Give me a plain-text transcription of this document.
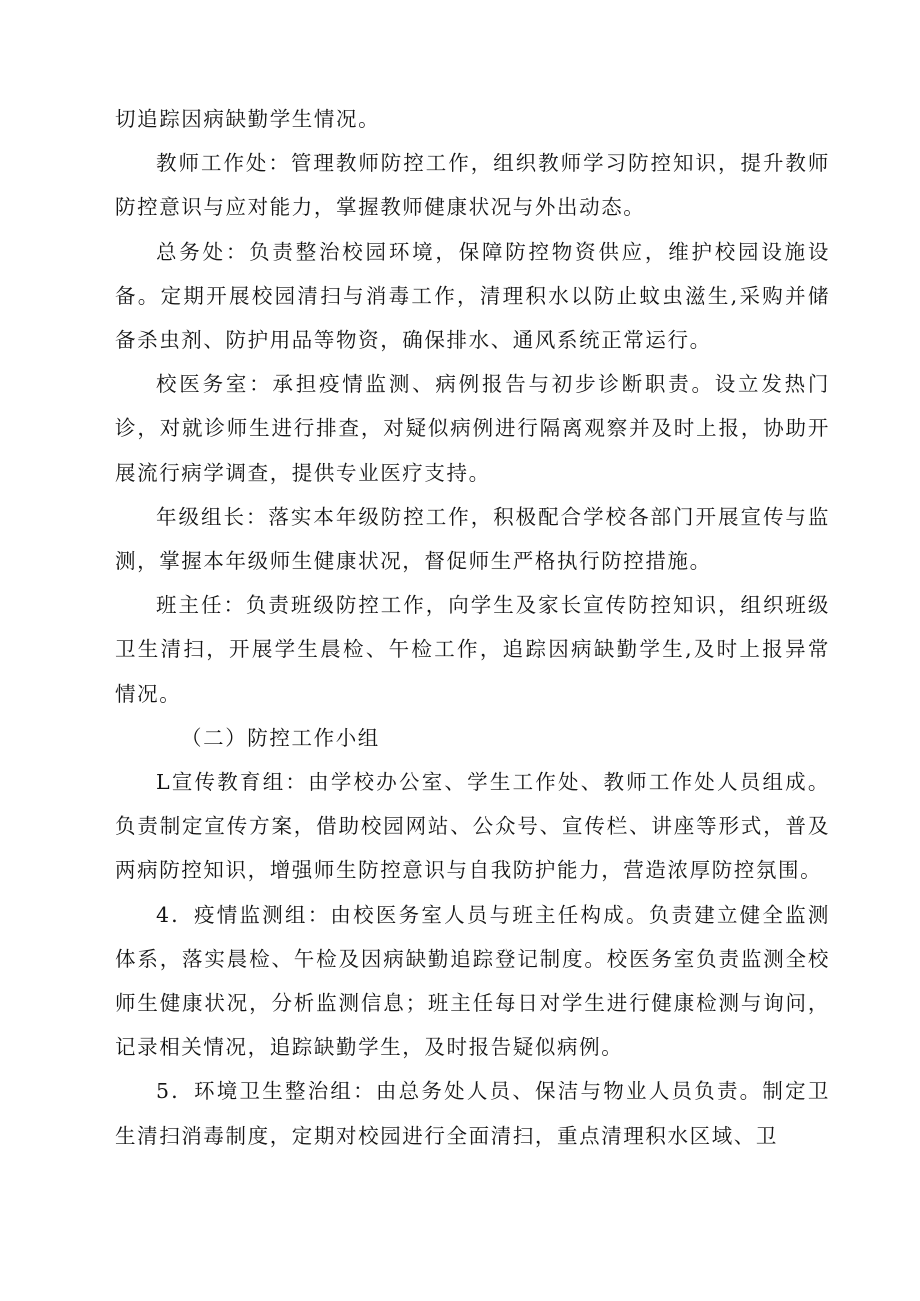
切追踪因病缺勤学生情况。

教师工作处：管理教师防控工作，组织教师学习防控知识，提升教师防控意识与应对能力，掌握教师健康状况与外出动态。

总务处：负责整治校园环境，保障防控物资供应，维护校园设施设备。定期开展校园清扫与消毒工作，清理积水以防止蚊虫滋生,采购并储备杀虫剂、防护用品等物资，确保排水、通风系统正常运行。

校医务室：承担疫情监测、病例报告与初步诊断职责。设立发热门诊，对就诊师生进行排查，对疑似病例进行隔离观察并及时上报，协助开展流行病学调查，提供专业医疗支持。

年级组长：落实本年级防控工作，积极配合学校各部门开展宣传与监测，掌握本年级师生健康状况，督促师生严格执行防控措施。

班主任：负责班级防控工作，向学生及家长宣传防控知识，组织班级卫生清扫，开展学生晨检、午检工作，追踪因病缺勤学生,及时上报异常情况。

（二）防控工作小组

L宣传教育组：由学校办公室、学生工作处、教师工作处人员组成。负责制定宣传方案，借助校园网站、公众号、宣传栏、讲座等形式，普及两病防控知识，增强师生防控意识与自我防护能力，营造浓厚防控氛围。

4．疫情监测组：由校医务室人员与班主任构成。负责建立健全监测体系，落实晨检、午检及因病缺勤追踪登记制度。校医务室负责监测全校师生健康状况，分析监测信息；班主任每日对学生进行健康检测与询问，记录相关情况，追踪缺勤学生，及时报告疑似病例。

5．环境卫生整治组：由总务处人员、保洁与物业人员负责。制定卫生清扫消毒制度，定期对校园进行全面清扫，重点清理积水区域、卫
